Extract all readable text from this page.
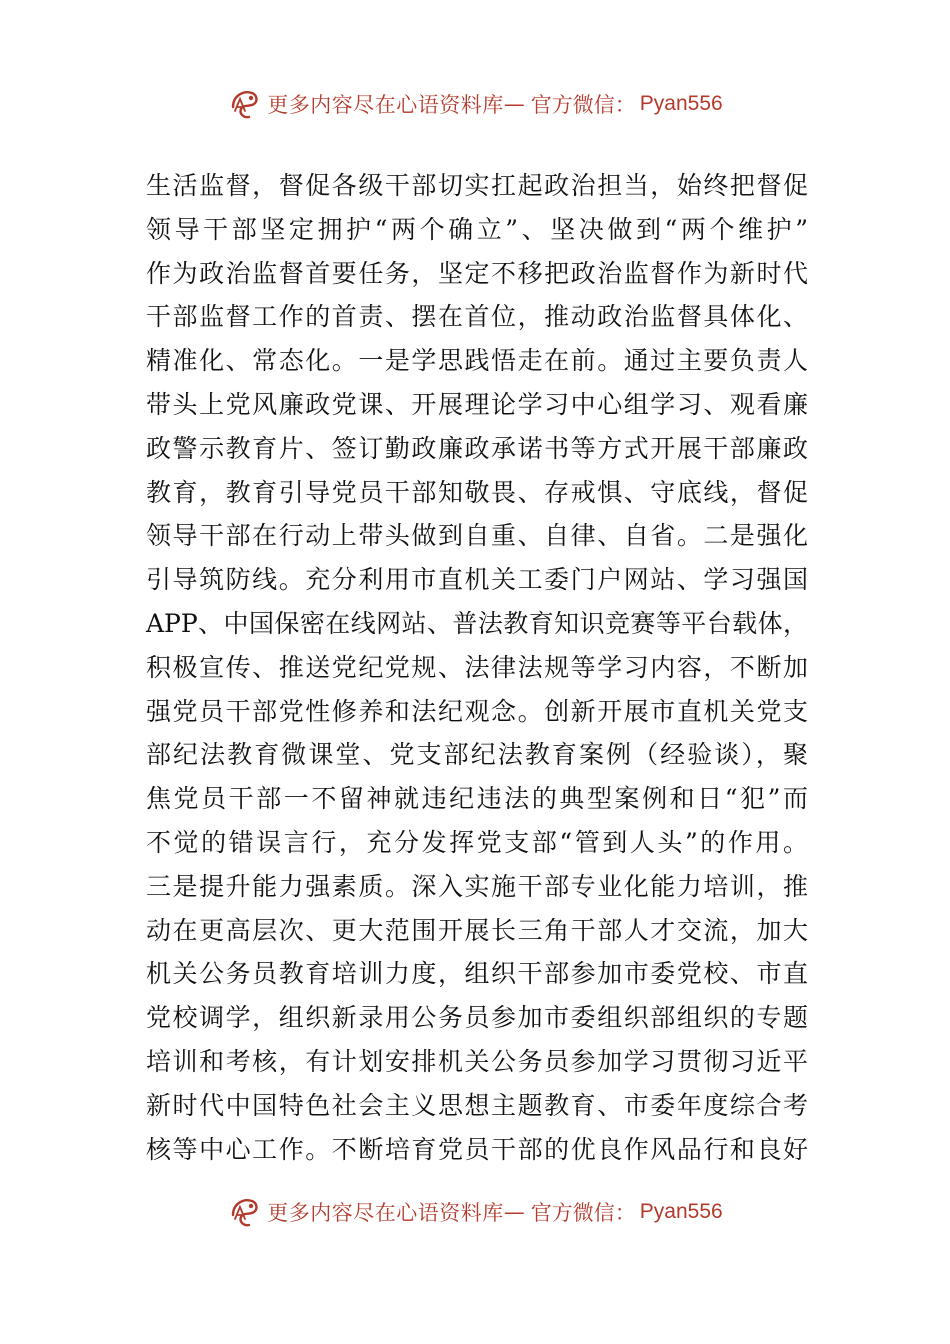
更多内容尽在心语资料库 — 官方微信： Pyan556
生活监督，督促各级干部切实扛起政治担当，始终把督促
领导干部坚定拥护“两个确立”、坚决做到“两个维护”
作为政治监督首要任务，坚定不移把政治监督作为新时代
干部监督工作的首责、摆在首位，推动政治监督具体化、
精准化、常态化。一是学思践悟走在前。通过主要负责人
带头上党风廉政党课、开展理论学习中心组学习、观看廉
政警示教育片、签订勤政廉政承诺书等方式开展干部廉政
教育，教育引导党员干部知敬畏、存戒惧、守底线，督促
领导干部在行动上带头做到自重、自律、自省。二是强化
引导筑防线。充分利用市直机关工委门户网站、学习强国
APP、中国保密在线网站、普法教育知识竞赛等平台载体，
积极宣传、推送党纪党规、法律法规等学习内容，不断加
强党员干部党性修养和法纪观念。创新开展市直机关党支
部纪法教育微课堂、党支部纪法教育案例（经验谈），聚
焦党员干部一不留神就违纪违法的典型案例和日“犯”而
不觉的错误言行，充分发挥党支部“管到人头”的作用。
三是提升能力强素质。深入实施干部专业化能力培训，推
动在更高层次、更大范围开展长三角干部人才交流，加大
机关公务员教育培训力度，组织干部参加市委党校、市直
党校调学，组织新录用公务员参加市委组织部组织的专题
培训和考核，有计划安排机关公务员参加学习贯彻习近平
新时代中国特色社会主义思想主题教育、市委年度综合考
核等中心工作。不断培育党员干部的优良作风品行和良好
更多内容尽在心语资料库 — 官方微信： Pyan556
